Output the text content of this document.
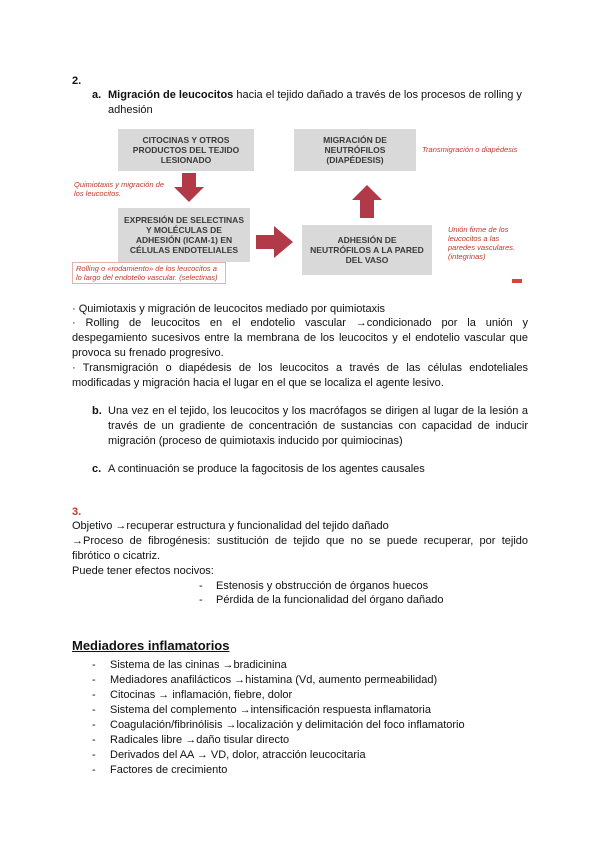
2.
a. Migración de leucocitos hacia el tejido dañado a través de los procesos de rolling y
adhesión
CITOCINAS Y OTROS PRODUCTOS DEL TEJIDO LESIONADO
Quimiotaxis y migración de los leucocitos.
EXPRESIÓN DE SELECTINAS Y MOLÉCULAS DE ADHESIÓN (ICAM-1) EN CÉLULAS ENDOTELIALES
Rolling o «rodamiento» de los leucocitos a lo largo del endotelio vascular. (selectinas)
ADHESIÓN DE NEUTRÓFILOS A LA PARED DEL VASO
MIGRACIÓN DE NEUTRÓFILOS (DIAPÉDESIS)
Transmigración o diapédesis
Unión firme de los leucocitos a las paredes vasculares. (integrinas)
· Quimiotaxis y migración de leucocitos mediado por quimiotaxis
· Rolling de leucocitos en el endotelio vascular →condicionado por la unión y
despegamiento sucesivos entre la membrana de los leucocitos y el endotelio vascular que
provoca su frenado progresivo.
· Transmigración o diapédesis de los leucocitos a través de las células endoteliales
modificadas y migración hacia el lugar en el que se localiza el agente lesivo.
b. Una vez en el tejido, los leucocitos y los macrófagos se dirigen al lugar de la lesión a
través de un gradiente de concentración de sustancias con capacidad de inducir
migración (proceso de quimiotaxis inducido por quimiocinas)
c. A continuación se produce la fagocitosis de los agentes causales
3.
Objetivo →recuperar estructura y funcionalidad del tejido dañado
→Proceso de fibrogénesis: sustitución de tejido que no se puede recuperar, por tejido
fibrótico o cicatriz.
Puede tener efectos nocivos:
- Estenosis y obstrucción de órganos huecos
- Pérdida de la funcionalidad del órgano dañado
Mediadores inflamatorios
- Sistema de las cininas →bradicinina
- Mediadores anafilácticos →histamina (Vd, aumento permeabilidad)
- Citocinas → inflamación, fiebre, dolor
- Sistema del complemento →intensificación respuesta inflamatoria
- Coagulación/fibrinólisis →localización y delimitación del foco inflamatorio
- Radicales libre →daño tisular directo
- Derivados del AA → VD, dolor, atracción leucocitaria
- Factores de crecimiento
